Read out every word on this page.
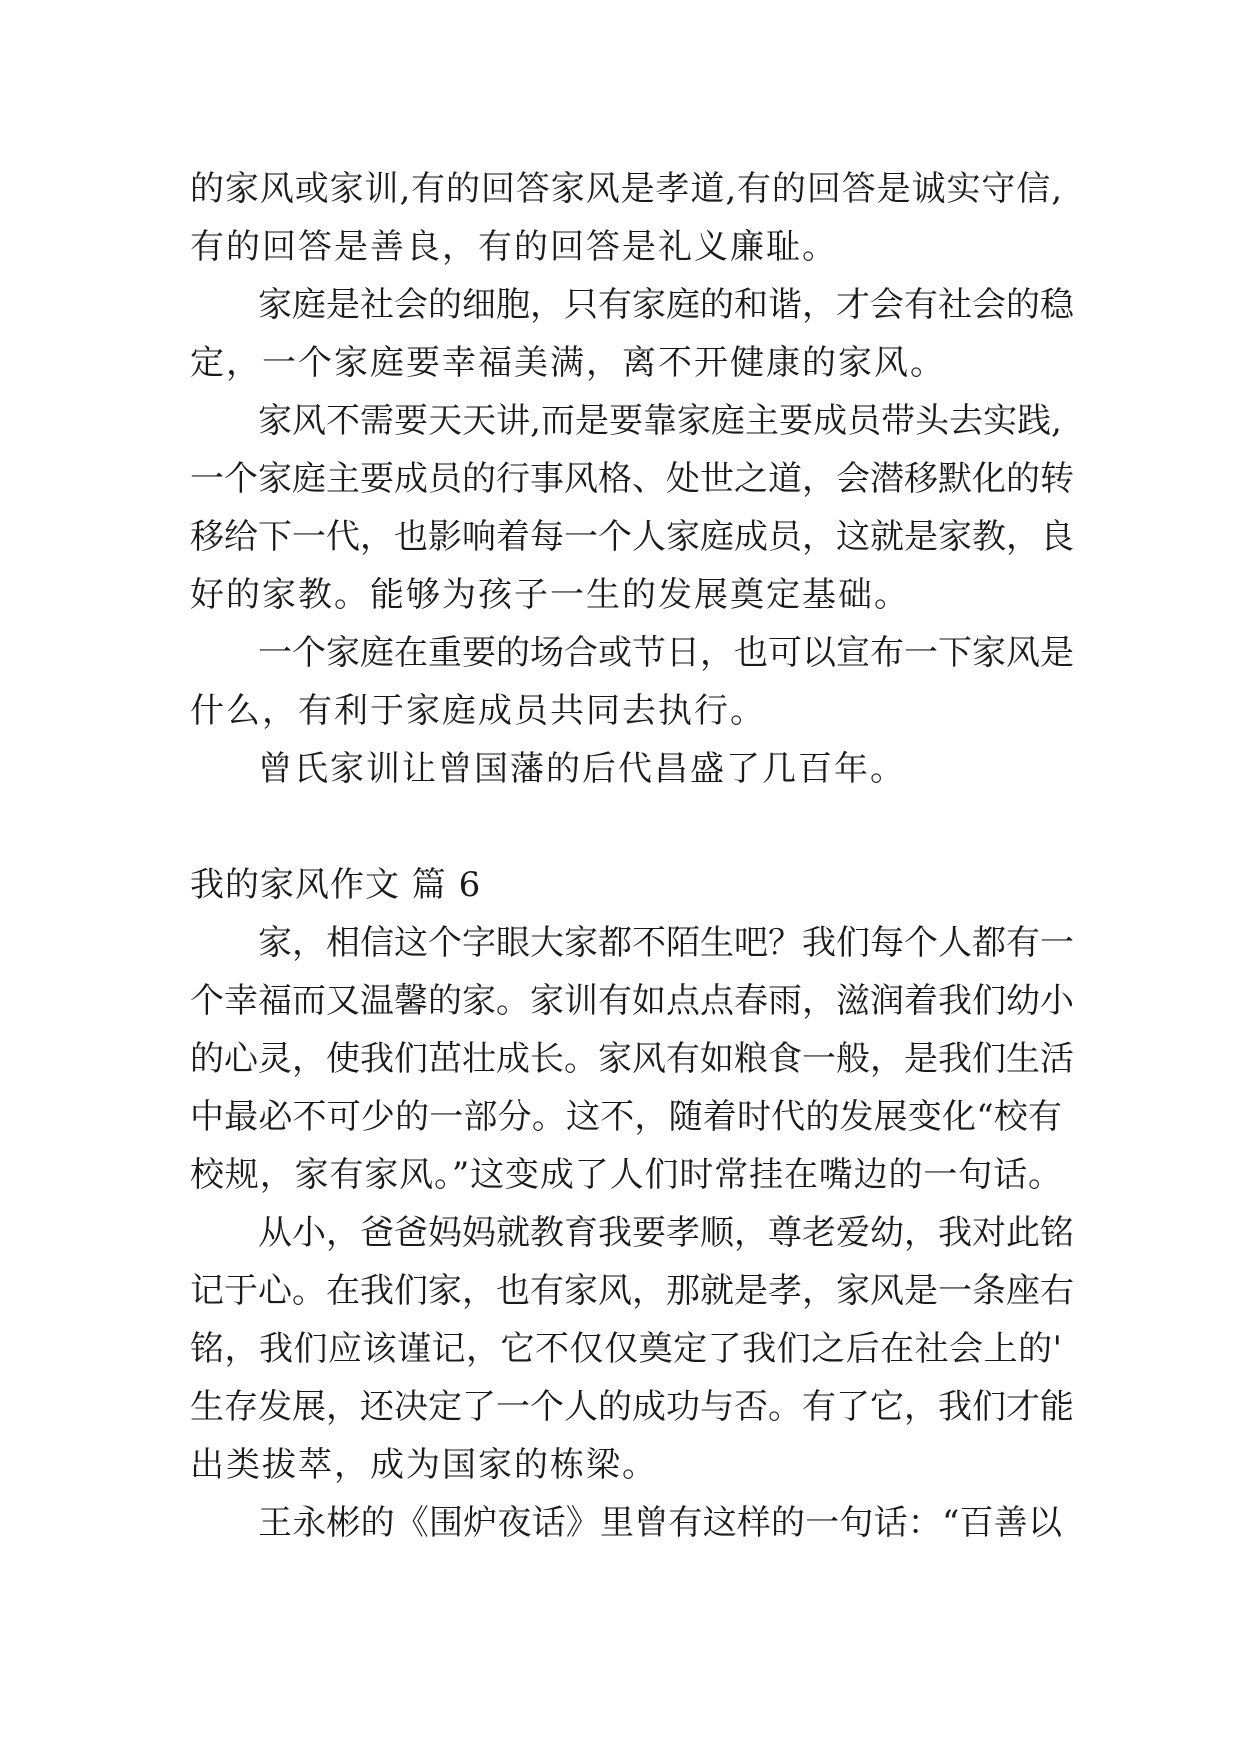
的家风或家训,有的回答家风是孝道,有的回答是诚实守信,
有的回答是善良，有的回答是礼义廉耻。
家庭是社会的细胞，只有家庭的和谐，才会有社会的稳
定，一个家庭要幸福美满，离不开健康的家风。
家风不需要天天讲,而是要靠家庭主要成员带头去实践,
一个家庭主要成员的行事风格、处世之道，会潜移默化的转
移给下一代，也影响着每一个人家庭成员，这就是家教，良
好的家教。能够为孩子一生的发展奠定基础。
一个家庭在重要的场合或节日，也可以宣布一下家风是
什么，有利于家庭成员共同去执行。
曾氏家训让曾国藩的后代昌盛了几百年。
我的家风作文 篇 6
家，相信这个字眼大家都不陌生吧？我们每个人都有一
个幸福而又温馨的家。家训有如点点春雨，滋润着我们幼小
的心灵，使我们茁壮成长。家风有如粮食一般，是我们生活
中最必不可少的一部分。这不，随着时代的发展变化“校有
校规，家有家风。”这变成了人们时常挂在嘴边的一句话。
从小，爸爸妈妈就教育我要孝顺，尊老爱幼，我对此铭
记于心。在我们家，也有家风，那就是孝，家风是一条座右
铭，我们应该谨记，它不仅仅奠定了我们之后在社会上的'
生存发展，还决定了一个人的成功与否。有了它，我们才能
出类拔萃，成为国家的栋梁。
王永彬的《围炉夜话》里曾有这样的一句话：“百善以
